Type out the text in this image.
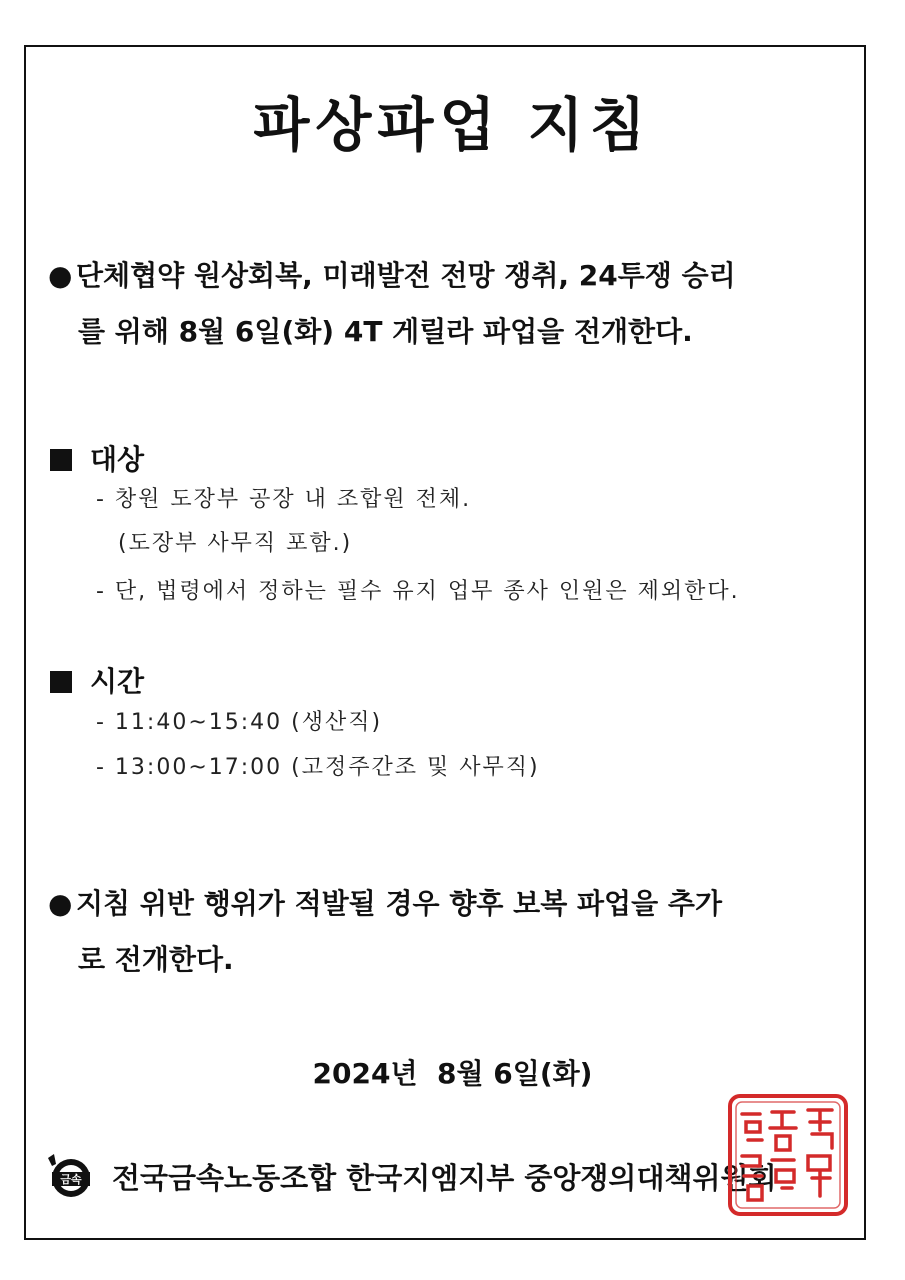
파상파업 지침
● 단체협약 원상회복, 미래발전 전망 쟁취, 24투쟁 승리
를 위해 8월 6일(화) 4T 게릴라 파업을 전개한다.
대상
- 창원 도장부 공장 내 조합원 전체.
(도장부 사무직 포함.)
- 단, 법령에서 정하는 필수 유지 업무 종사 인원은 제외한다.
시간
- 11:40~15:40 (생산직)
- 13:00~17:00 (고정주간조 및 사무직)
● 지침 위반 행위가 적발될 경우 향후 보복 파업을 추가
로 전개한다.
2024년  8월 6일(화)
금속 전국금속노동조합 한국지엠지부 중앙쟁의대책위원회
